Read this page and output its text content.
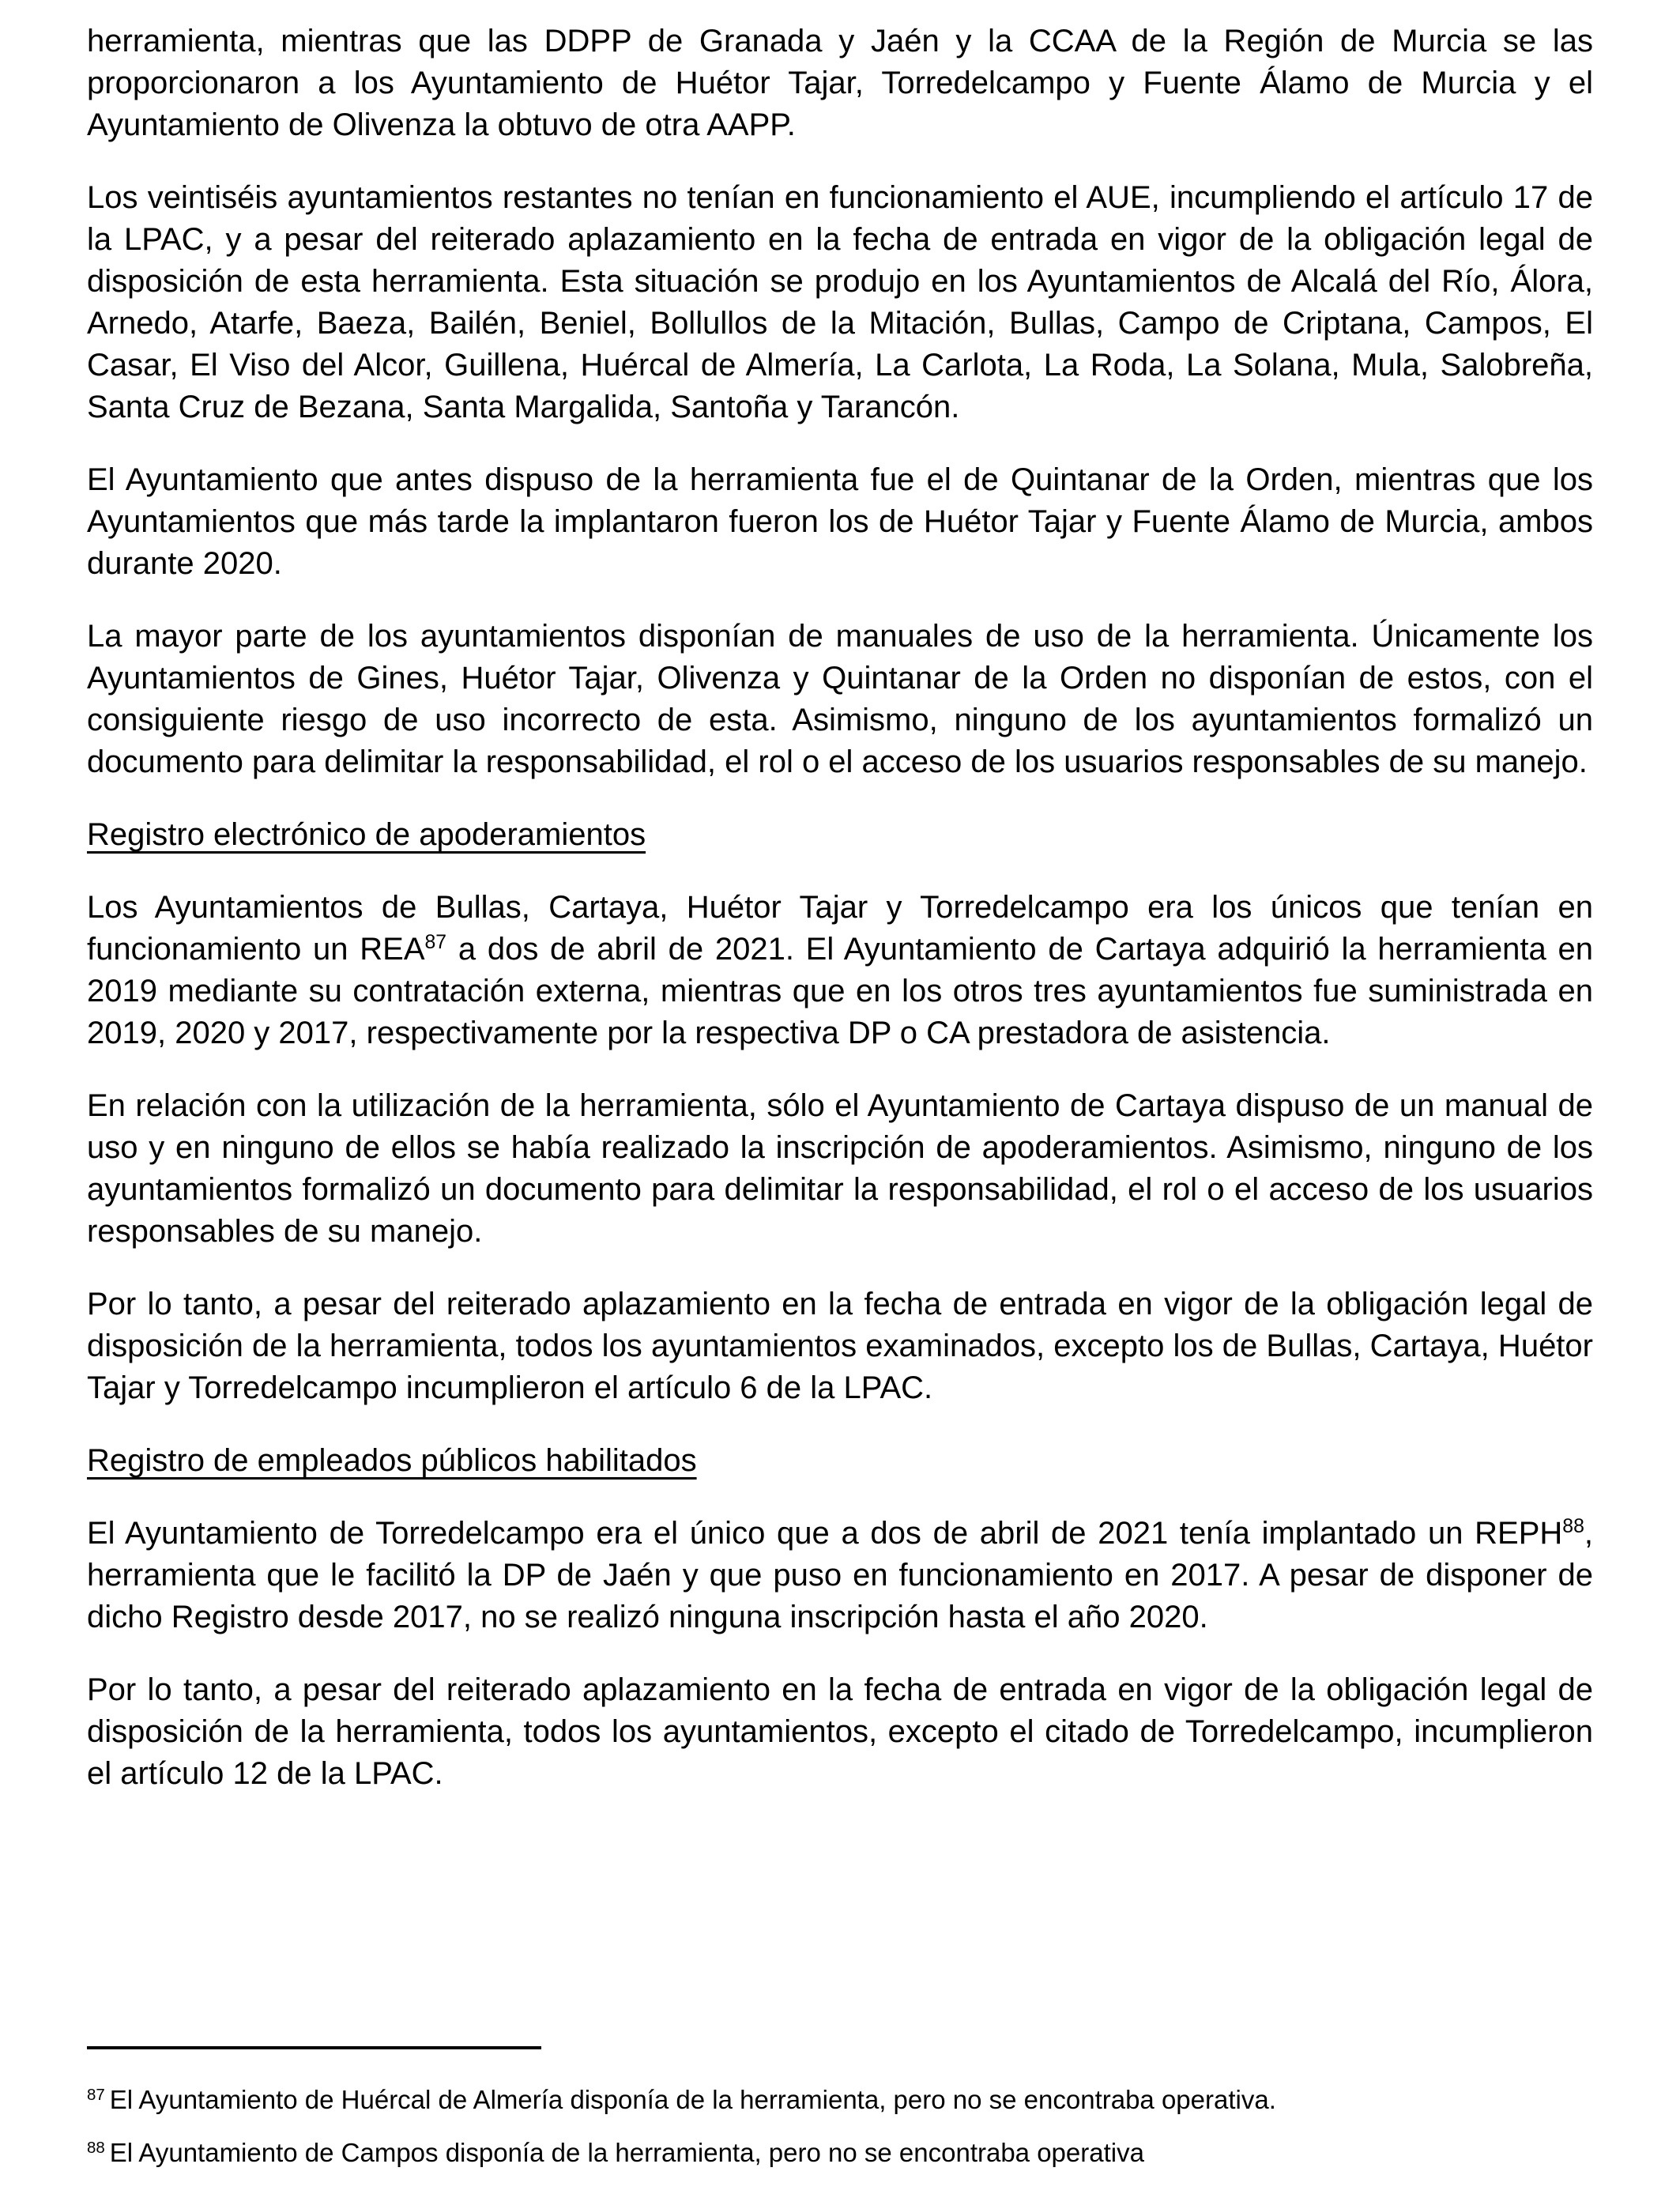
herramienta, mientras que las DDPP de Granada y Jaén y la CCAA de la Región de Murcia se las proporcionaron a los Ayuntamiento de Huétor Tajar, Torredelcampo y Fuente Álamo de Murcia y el Ayuntamiento de Olivenza la obtuvo de otra AAPP.

Los veintiséis ayuntamientos restantes no tenían en funcionamiento el AUE, incumpliendo el artículo 17 de la LPAC, y a pesar del reiterado aplazamiento en la fecha de entrada en vigor de la obligación legal de disposición de esta herramienta. Esta situación se produjo en los Ayuntamientos de Alcalá del Río, Álora, Arnedo, Atarfe, Baeza, Bailén, Beniel, Bollullos de la Mitación, Bullas, Campo de Criptana, Campos, El Casar, El Viso del Alcor, Guillena, Huércal de Almería, La Carlota, La Roda, La Solana, Mula, Salobreña, Santa Cruz de Bezana, Santa Margalida, Santoña y Tarancón.

El Ayuntamiento que antes dispuso de la herramienta fue el de Quintanar de la Orden, mientras que los Ayuntamientos que más tarde la implantaron fueron los de Huétor Tajar y Fuente Álamo de Murcia, ambos durante 2020.

La mayor parte de los ayuntamientos disponían de manuales de uso de la herramienta. Únicamente los Ayuntamientos de Gines, Huétor Tajar, Olivenza y Quintanar de la Orden no disponían de estos, con el consiguiente riesgo de uso incorrecto de esta. Asimismo, ninguno de los ayuntamientos formalizó un documento para delimitar la responsabilidad, el rol o el acceso de los usuarios responsables de su manejo.

Registro electrónico de apoderamientos

Los Ayuntamientos de Bullas, Cartaya, Huétor Tajar y Torredelcampo era los únicos que tenían en funcionamiento un REA$^{87}$ a dos de abril de 2021. El Ayuntamiento de Cartaya adquirió la herramienta en 2019 mediante su contratación externa, mientras que en los otros tres ayuntamientos fue suministrada en 2019, 2020 y 2017, respectivamente por la respectiva DP o CA prestadora de asistencia.

En relación con la utilización de la herramienta, sólo el Ayuntamiento de Cartaya dispuso de un manual de uso y en ninguno de ellos se había realizado la inscripción de apoderamientos. Asimismo, ninguno de los ayuntamientos formalizó un documento para delimitar la responsabilidad, el rol o el acceso de los usuarios responsables de su manejo.

Por lo tanto, a pesar del reiterado aplazamiento en la fecha de entrada en vigor de la obligación legal de disposición de la herramienta, todos los ayuntamientos examinados, excepto los de Bullas, Cartaya, Huétor Tajar y Torredelcampo incumplieron el artículo 6 de la LPAC.

Registro de empleados públicos habilitados

El Ayuntamiento de Torredelcampo era el único que a dos de abril de 2021 tenía implantado un REPH$^{88}$, herramienta que le facilitó la DP de Jaén y que puso en funcionamiento en 2017. A pesar de disponer de dicho Registro desde 2017, no se realizó ninguna inscripción hasta el año 2020.

Por lo tanto, a pesar del reiterado aplazamiento en la fecha de entrada en vigor de la obligación legal de disposición de la herramienta, todos los ayuntamientos, excepto el citado de Torredelcampo, incumplieron el artículo 12 de la LPAC.

$^{87}$ El Ayuntamiento de Huércal de Almería disponía de la herramienta, pero no se encontraba operativa.

$^{88}$ El Ayuntamiento de Campos disponía de la herramienta, pero no se encontraba operativa
